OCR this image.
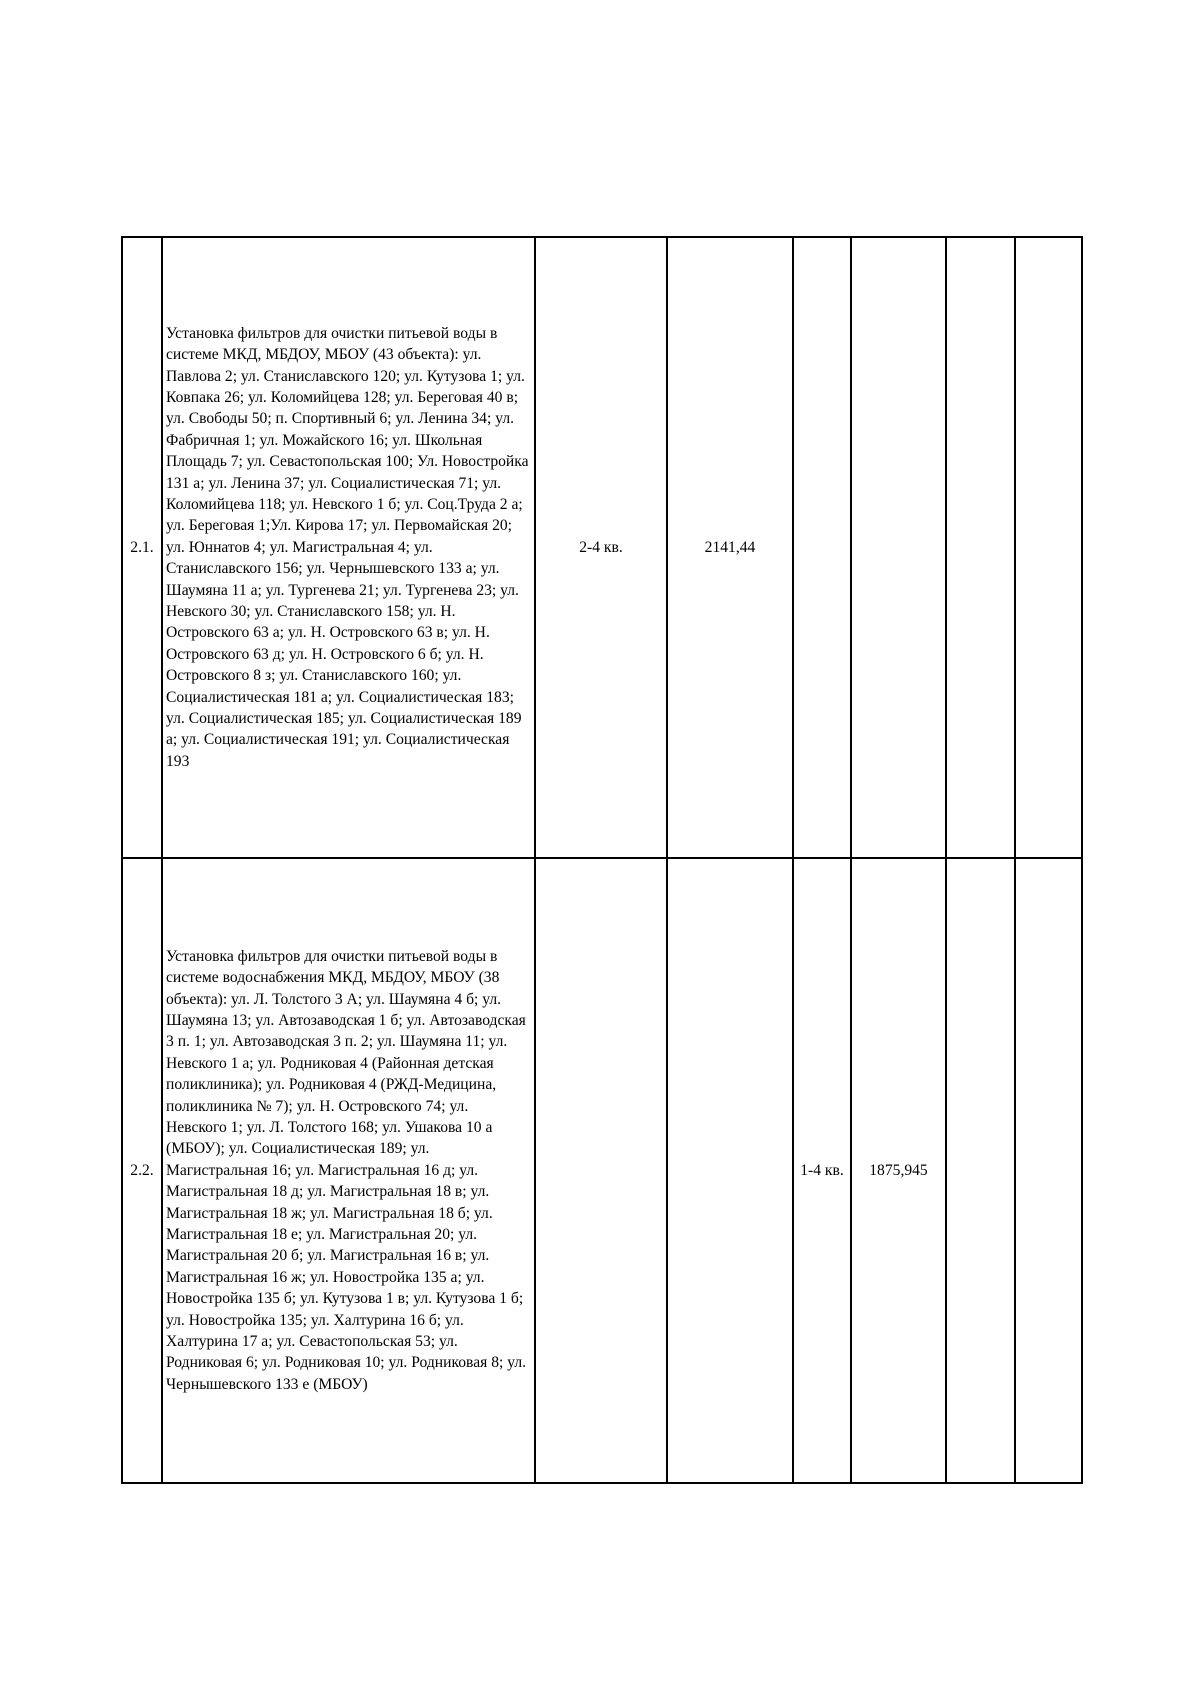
2.1.	Установка фильтров для очистки питьевой воды в системе МКД, МБДОУ, МБОУ (43 объекта): ул. Павлова 2; ул. Станиславского 120; ул. Кутузова 1; ул. Ковпака 26; ул. Коломийцева 128; ул. Береговая 40 в; ул. Свободы 50; п. Спортивный 6; ул. Ленина 34; ул. Фабричная 1; ул. Можайского 16; ул. Школьная Площадь 7; ул. Севастопольская 100; Ул. Новостройка 131 а; ул. Ленина 37; ул. Социалистическая 71; ул. Коломийцева 118; ул. Невского 1 б; ул. Соц.Труда 2 а; ул. Береговая 1;Ул. Кирова 17; ул. Первомайская 20; ул. Юннатов 4; ул. Магистральная 4; ул. Станиславского 156; ул. Чернышевского 133 а; ул. Шаумяна 11 а; ул. Тургенева 21; ул. Тургенева 23; ул. Невского 30; ул. Станиславского 158; ул. Н. Островского 63 а; ул. Н. Островского 63 в; ул. Н. Островского 63 д; ул. Н. Островского 6 б; ул. Н. Островского 8 з; ул. Станиславского 160; ул. Социалистическая 181 а; ул. Социалистическая 183; ул. Социалистическая 185; ул. Социалистическая 189 а; ул. Социалистическая 191; ул. Социалистическая 193	2-4 кв.	2141,44				
2.2.	Установка фильтров для очистки питьевой воды в системе водоснабжения МКД, МБДОУ, МБОУ (38 объекта): ул. Л. Толстого 3 А; ул. Шаумяна 4 б; ул. Шаумяна 13; ул. Автозаводская 1 б; ул. Автозаводская 3 п. 1; ул. Автозаводская 3 п. 2; ул. Шаумяна 11; ул. Невского 1 а; ул. Родниковая 4 (Районная детская поликлиника); ул. Родниковая 4 (РЖД-Медицина, поликлиника № 7); ул. Н. Островского 74; ул. Невского 1; ул. Л. Толстого 168; ул. Ушакова 10 а (МБОУ); ул. Социалистическая 189; ул. Магистральная 16; ул. Магистральная 16 д; ул. Магистральная 18 д; ул. Магистральная 18 в; ул. Магистральная 18 ж; ул. Магистральная 18 б; ул. Магистральная 18 е; ул. Магистральная 20; ул. Магистральная 20 б; ул. Магистральная 16 в; ул. Магистральная 16 ж; ул. Новостройка 135 а; ул. Новостройка 135 б; ул. Кутузова 1 в; ул. Кутузова 1 б; ул. Новостройка 135; ул. Халтурина 16 б; ул. Халтурина 17 а; ул. Севастопольская 53; ул. Родниковая 6; ул. Родниковая 10; ул. Родниковая 8; ул. Чернышевского 133 е (МБОУ)			1-4 кв.	1875,945		
